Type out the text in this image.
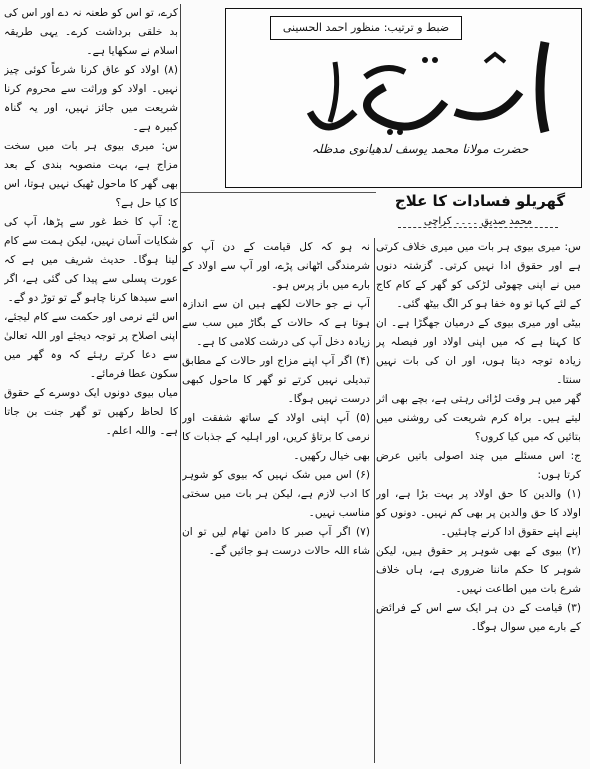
ضبط و ترتیب: منظور احمد الحسینی
حضرت مولانا محمد یوسف لدھیانوی مدظلہ
گھریلو فسادات کا علاج
محمد صدیق ۔۔۔۔ کراچی

س: میری بیوی ہر بات میں میری خلاف کرتی ہے اور حقوق ادا نہیں کرتی۔ گزشتہ دنوں میں نے اپنی چھوٹی لڑکی کو گھر کے کام کاج کے لئے کہا تو وہ خفا ہو کر الگ بیٹھ گئی۔

بیٹی اور میری بیوی کے درمیان جھگڑا ہے۔ ان کا کہنا ہے کہ میں اپنی اولاد اور فیصلہ پر زیادہ توجہ دیتا ہوں، اور ان کی بات نہیں سنتا۔

گھر میں ہر وقت لڑائی رہتی ہے، بچے بھی اثر لیتے ہیں۔ براہ کرم شریعت کی روشنی میں بتائیں کہ میں کیا کروں؟

ج: اس مسئلے میں چند اصولی باتیں عرض کرتا ہوں:

(۱) والدین کا حق اولاد پر بہت بڑا ہے، اور اولاد کا حق والدین پر بھی کم نہیں۔ دونوں کو اپنے اپنے حقوق ادا کرنے چاہئیں۔

(۲) بیوی کے بھی شوہر پر حقوق ہیں، لیکن شوہر کا حکم ماننا ضروری ہے، ہاں خلاف شرع بات میں اطاعت نہیں۔

(۳) قیامت کے دن ہر ایک سے اس کے فرائض کے بارے میں سوال ہوگا۔

نہ ہو کہ کل قیامت کے دن آپ کو شرمندگی اٹھانی پڑے، اور آپ سے اولاد کے بارے میں باز پرس ہو۔

آپ نے جو حالات لکھے ہیں ان سے اندازہ ہوتا ہے کہ حالات کے بگاڑ میں سب سے زیادہ دخل آپ کی درشت کلامی کا ہے۔

(۴) اگر آپ اپنے مزاج اور حالات کے مطابق تبدیلی نہیں کرتے تو گھر کا ماحول کبھی درست نہیں ہوگا۔

(۵) آپ اپنی اولاد کے ساتھ شفقت اور نرمی کا برتاؤ کریں، اور اہلیہ کے جذبات کا بھی خیال رکھیں۔

(۶) اس میں شک نہیں کہ بیوی کو شوہر کا ادب لازم ہے، لیکن ہر بات میں سختی مناسب نہیں۔

(۷) اگر آپ صبر کا دامن تھام لیں تو ان شاء اللہ حالات درست ہو جائیں گے۔

کرے، تو اس کو طعنہ نہ دے اور اس کی بد خلقی برداشت کرے۔ یہی طریقہ اسلام نے سکھایا ہے۔

(۸) اولاد کو عاق کرنا شرعاً کوئی چیز نہیں۔ اولاد کو وراثت سے محروم کرنا شریعت میں جائز نہیں، اور یہ گناہ کبیرہ ہے۔

س: میری بیوی ہر بات میں سخت مزاج ہے، بہت منصوبہ بندی کے بعد بھی گھر کا ماحول ٹھیک نہیں ہوتا، اس کا کیا حل ہے؟

ج: آپ کا خط غور سے پڑھا، آپ کی شکایات آسان نہیں، لیکن ہمت سے کام لینا ہوگا۔ حدیث شریف میں ہے کہ عورت پسلی سے پیدا کی گئی ہے، اگر اسے سیدھا کرنا چاہو گے تو توڑ دو گے۔

اس لئے نرمی اور حکمت سے کام لیجئے، اپنی اصلاح پر توجہ دیجئے اور اللہ تعالیٰ سے دعا کرتے رہئے کہ وہ گھر میں سکون عطا فرمائے۔

میاں بیوی دونوں ایک دوسرے کے حقوق کا لحاظ رکھیں تو گھر جنت بن جاتا ہے۔ واللہ اعلم۔
